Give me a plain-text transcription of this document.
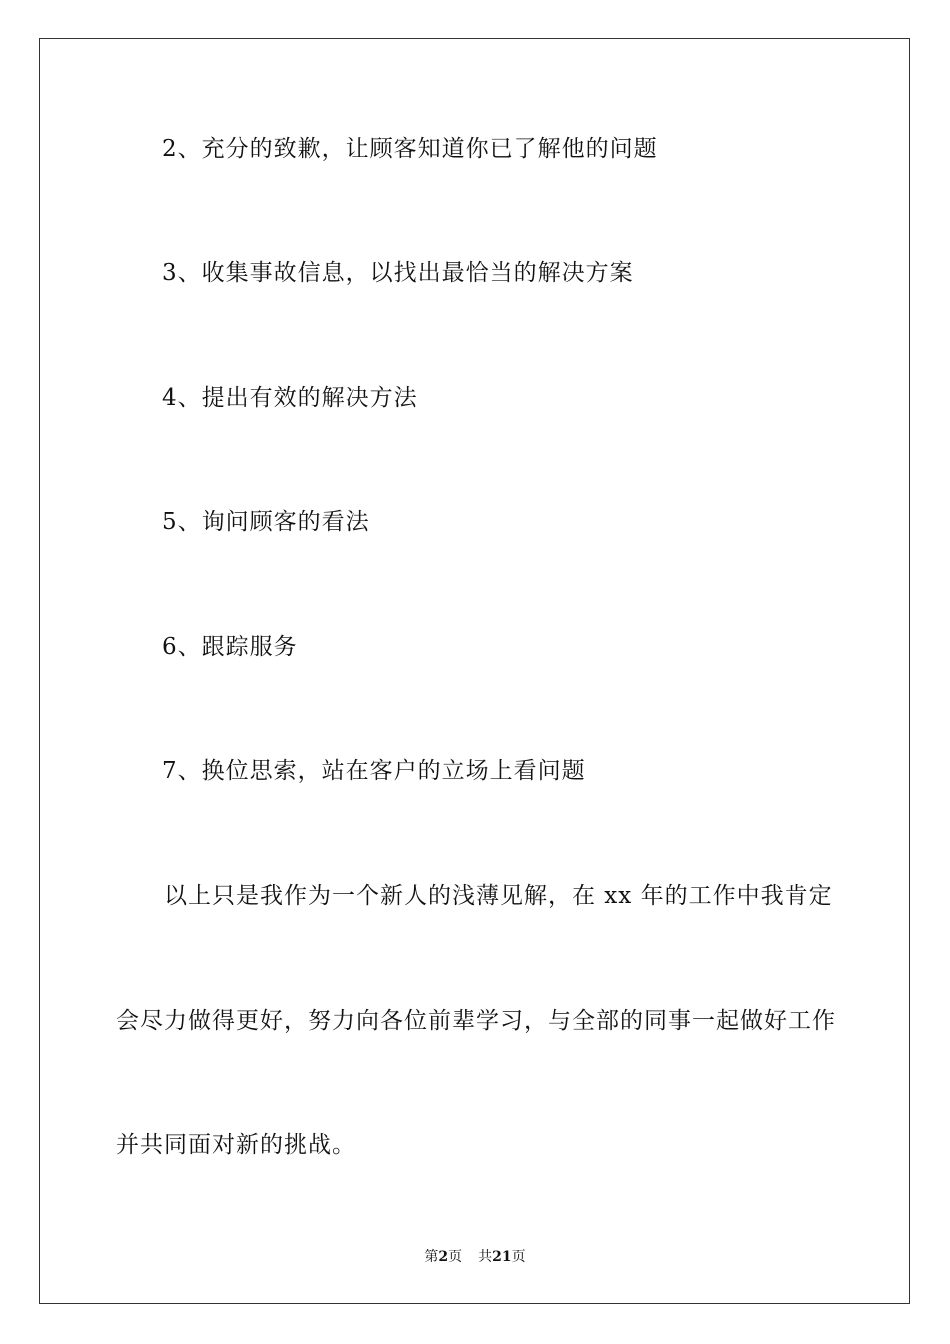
2、充分的致歉，让顾客知道你已了解他的问题
3、收集事故信息，以找出最恰当的解决方案
4、提出有效的解决方法
5、询问顾客的看法
6、跟踪服务
7、换位思索，站在客户的立场上看问题
以上只是我作为一个新人的浅薄见解，在 xx 年的工作中我肯定
会尽力做得更好，努力向各位前辈学习，与全部的同事一起做好工作
并共同面对新的挑战。
第2页 共21页
